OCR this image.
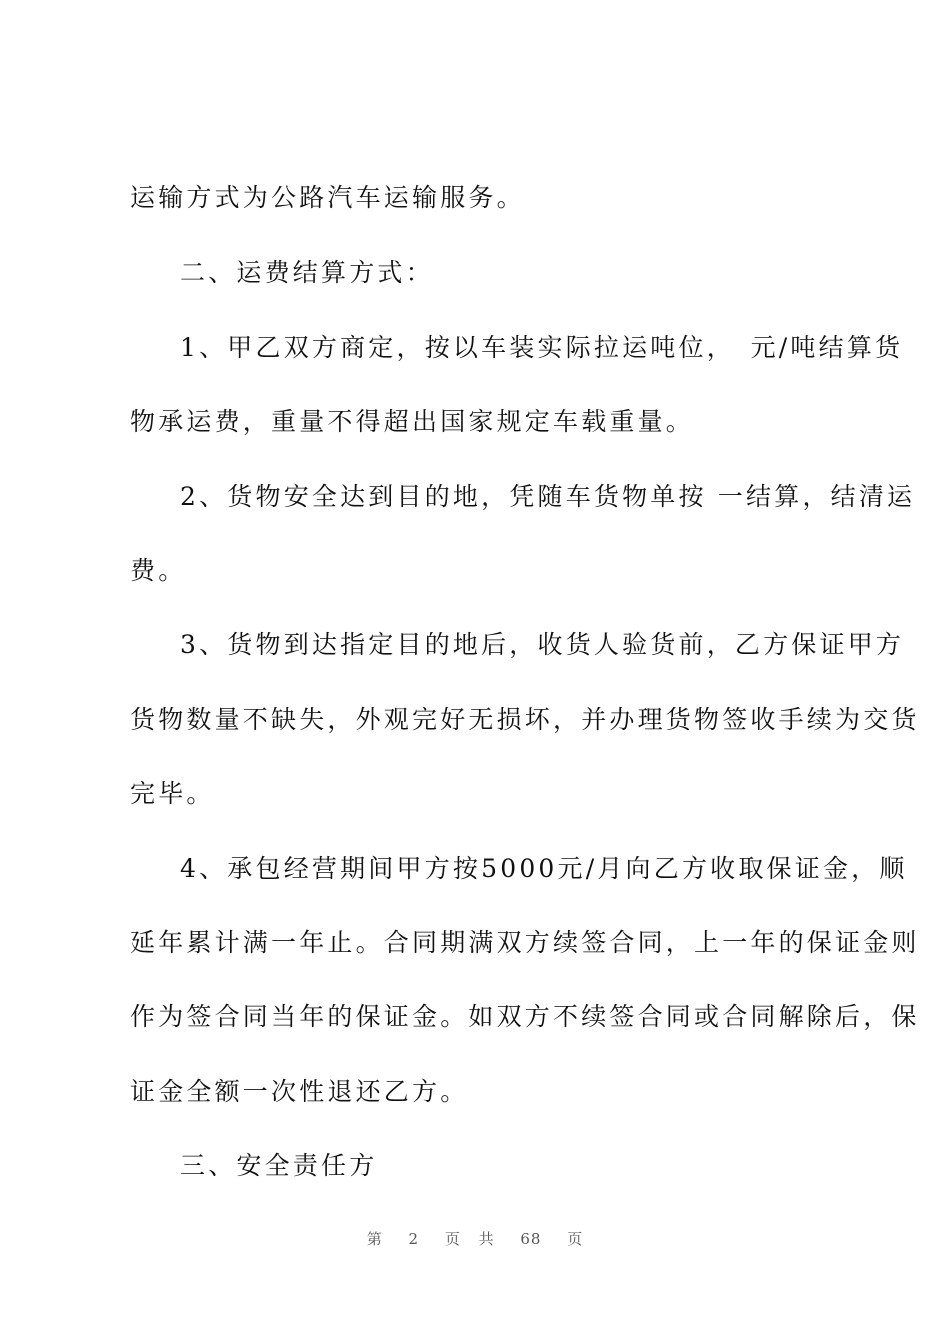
运输方式为公路汽车运输服务。
二、运费结算方式：
1、甲乙双方商定，按以车装实际拉运吨位，　元/吨结算货
物承运费，重量不得超出国家规定车载重量。
2、货物安全达到目的地，凭随车货物单按 一结算，结清运
费。
3、货物到达指定目的地后，收货人验货前，乙方保证甲方
货物数量不缺失，外观完好无损坏，并办理货物签收手续为交货
完毕。
4、承包经营期间甲方按5000元/月向乙方收取保证金，顺
延年累计满一年止。合同期满双方续签合同，上一年的保证金则
作为签合同当年的保证金。如双方不续签合同或合同解除后，保
证金全额一次性退还乙方。
三、安全责任方
第 2 页 共 68 页
